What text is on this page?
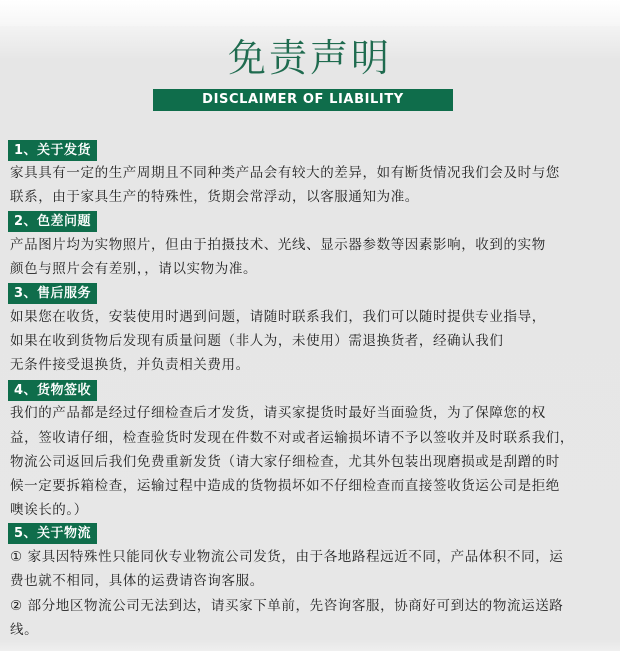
免责声明
DISCLAIMER OF LIABILITY
1、关于发货
家具具有一定的生产周期且不同种类产品会有较大的差异，如有断货情况我们会及时与您
联系，由于家具生产的特殊性，货期会常浮动，以客服通知为准。
2、色差问题
产品图片均为实物照片，但由于拍摄技术、光线、显示器参数等因素影响，收到的实物
颜色与照片会有差别，，请以实物为准。
3、售后服务
如果您在收货，安装使用时遇到问题，请随时联系我们，我们可以随时提供专业指导，
如果在收到货物后发现有质量问题（非人为，未使用）需退换货者，经确认我们
无条件接受退换货，并负责相关费用。
4、货物签收
我们的产品都是经过仔细检查后才发货，请买家提货时最好当面验货，为了保障您的权
益，签收请仔细，检查验货时发现在件数不对或者运输损坏请不予以签收并及时联系我们，
物流公司返回后我们免费重新发货（请大家仔细检查，尤其外包装出现磨损或是刮蹭的时
候一定要拆箱检查，运输过程中造成的货物损坏如不仔细检查而直接签收货运公司是拒绝
噢诶长的。）
5、关于物流
① 家具因特殊性只能同伙专业物流公司发货，由于各地路程远近不同，产品体积不同，运
费也就不相同，具体的运费请咨询客服。
② 部分地区物流公司无法到达，请买家下单前，先咨询客服，协商好可到达的物流运送路
线。
